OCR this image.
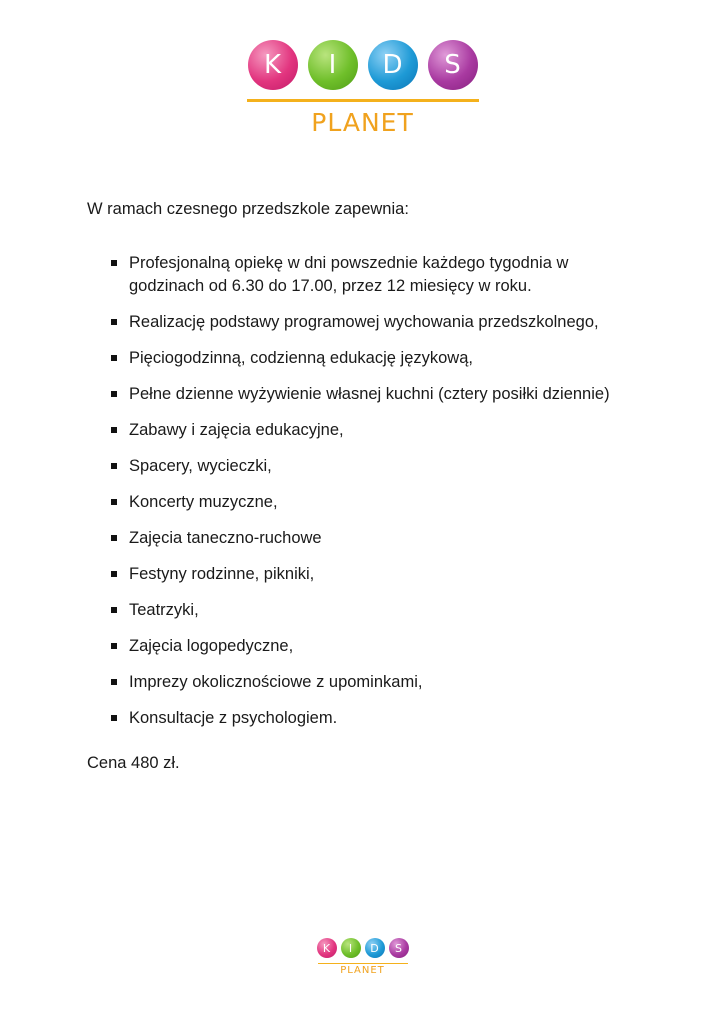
K	I	D	S
PLANET

W ramach czesnego przedszkole zapewnia:

Profesjonalną opiekę w dni powszednie każdego tygodnia w godzinach od 6.30 do 17.00, przez 12 miesięcy w roku.
Realizację podstawy programowej wychowania przedszkolnego,
Pięciogodzinną, codzienną edukację językową,
Pełne dzienne wyżywienie własnej kuchni (cztery posiłki dziennie)
Zabawy i zajęcia edukacyjne,
Spacery, wycieczki,
Koncerty muzyczne,
Zajęcia taneczno-ruchowe
Festyny rodzinne, pikniki,
Teatrzyki,
Zajęcia logopedyczne,
Imprezy okolicznościowe z upominkami,
Konsultacje z psychologiem.

Cena 480 zł.

K	I	D	S
PLANET
